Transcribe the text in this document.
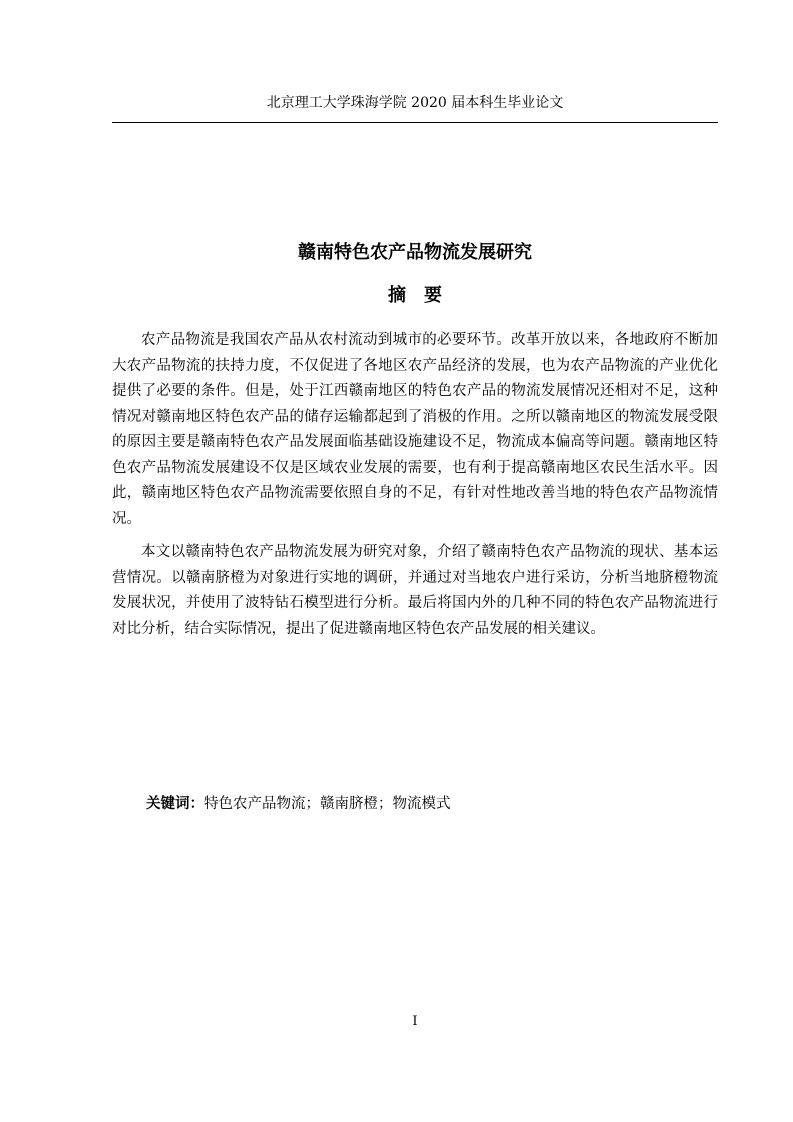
北京理工大学珠海学院 2020 届本科生毕业论文
赣南特色农产品物流发展研究
摘要

农产品物流是我国农产品从农村流动到城市的必要环节。改革开放以来，各地政府不断加大农产品物流的扶持力度，不仅促进了各地区农产品经济的发展，也为农产品物流的产业优化提供了必要的条件。但是，处于江西赣南地区的特色农产品的物流发展情况还相对不足，这种情况对赣南地区特色农产品的储存运输都起到了消极的作用。之所以赣南地区的物流发展受限的原因主要是赣南特色农产品发展面临基础设施建设不足，物流成本偏高等问题。赣南地区特色农产品物流发展建设不仅是区域农业发展的需要，也有利于提高赣南地区农民生活水平。因此，赣南地区特色农产品物流需要依照自身的不足，有针对性地改善当地的特色农产品物流情况。

本文以赣南特色农产品物流发展为研究对象，介绍了赣南特色农产品物流的现状、基本运营情况。以赣南脐橙为对象进行实地的调研，并通过对当地农户进行采访，分析当地脐橙物流发展状况，并使用了波特钻石模型进行分析。最后将国内外的几种不同的特色农产品物流进行对比分析，结合实际情况，提出了促进赣南地区特色农产品发展的相关建议。

关键词：特色农产品物流；赣南脐橙；物流模式
I
